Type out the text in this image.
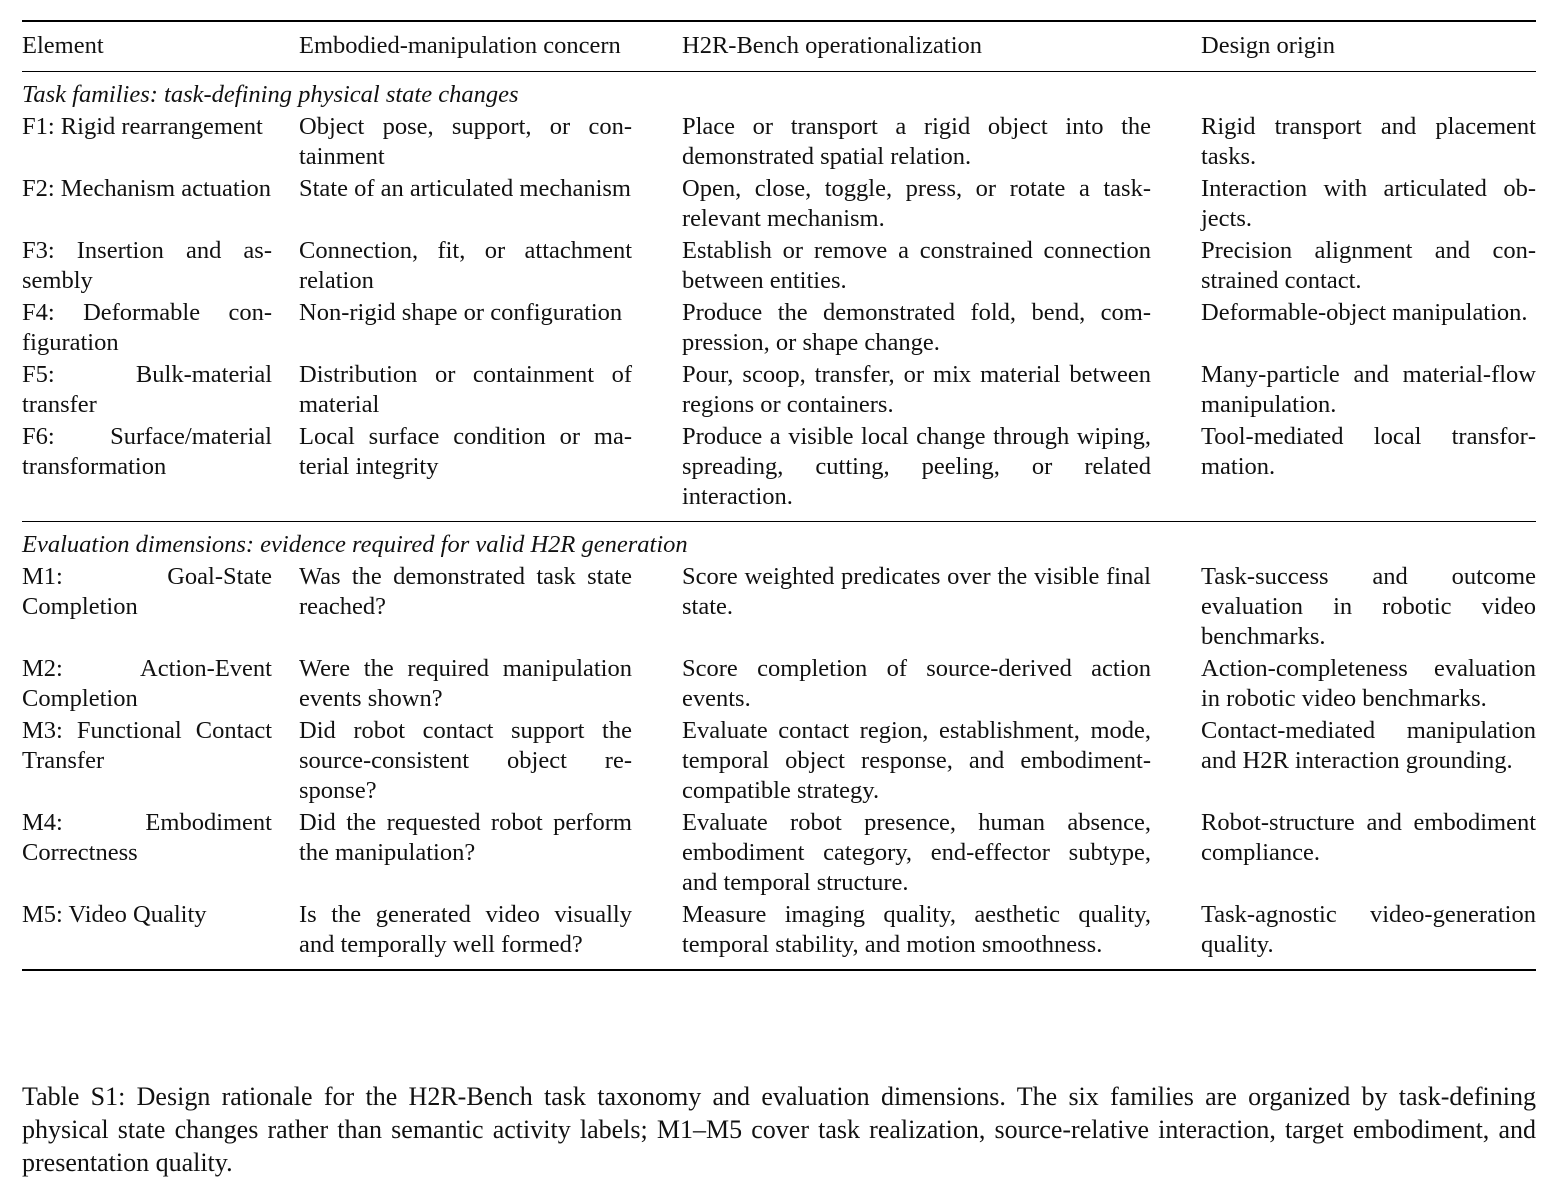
Element	Embodied-manipulation concern	H2R-Bench operationalization	Design origin
Task families: task-defining physical state changes			
F1: Rigid rearrangement	Object pose, support, or containment	Place or transport a rigid object into the demonstrated spatial relation.	Rigid transport and placement tasks.
F2: Mechanism actuation	State of an articulated mechanism	Open, close, toggle, press, or rotate a task-relevant mechanism.	Interaction with articulated objects.
F3: Insertion and assembly	Connection, fit, or attachment relation	Establish or remove a constrained connection between entities.	Precision alignment and constrained contact.
F4: Deformable configuration	Non-rigid shape or configuration	Produce the demonstrated fold, bend, compression, or shape change.	Deformable-object manipulation.
F5: Bulk-material transfer	Distribution or containment of material	Pour, scoop, transfer, or mix material between regions or containers.	Many-particle and material-flow manipulation.
F6: Surface/material transformation	Local surface condition or material integrity	Produce a visible local change through wiping, spreading, cutting, peeling, or related interaction.	Tool-mediated local transformation.
Evaluation dimensions: evidence required for valid H2R generation			
M1: Goal-State Completion	Was the demonstrated task state reached?	Score weighted predicates over the visible final state.	Task-success and outcome evaluation in robotic video benchmarks.
M2: Action-Event Completion	Were the required manipulation events shown?	Score completion of source-derived action events.	Action-completeness evaluation in robotic video benchmarks.
M3: Functional Contact Transfer	Did robot contact support the source-consistent object response?	Evaluate contact region, establishment, mode, temporal object response, and embodiment-compatible strategy.	Contact-mediated manipulation and H2R interaction grounding.
M4: Embodiment Correctness	Did the requested robot perform the manipulation?	Evaluate robot presence, human absence, embodiment category, end-effector subtype, and temporal structure.	Robot-structure and embodiment compliance.
M5: Video Quality	Is the generated video visually and temporally well formed?	Measure imaging quality, aesthetic quality, temporal stability, and motion smoothness.	Task-agnostic video-generation quality.

Table S1: Design rationale for the H2R-Bench task taxonomy and evaluation dimensions. The six families are organized by task-defining physical state changes rather than semantic activity labels; M1–M5 cover task realization, source-relative interaction, target embodiment, and presentation quality.
